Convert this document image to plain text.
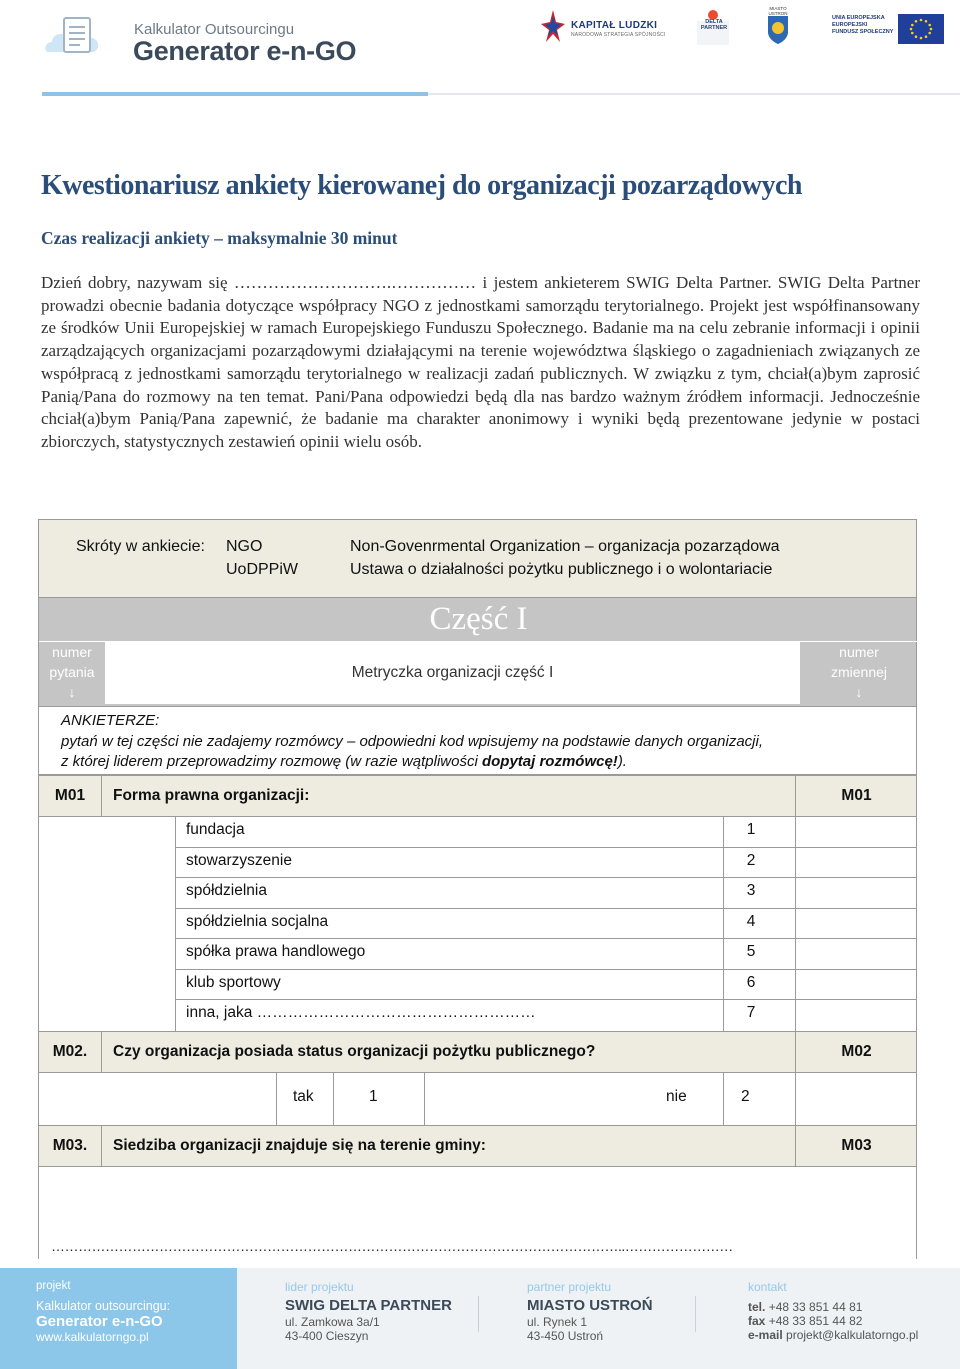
Kalkulator Outsourcingu
Generator e-n-GO
KAPITAŁ LUDZKI
NARODOWA STRATEGIA SPÓJNOŚCI
DELTA PARTNER
MIASTO USTROŃ
UNIA EUROPEJSKA EUROPEJSKI FUNDUSZ SPOŁECZNY
Kwestionariusz ankiety kierowanej do organizacji pozarządowych
Czas realizacji ankiety – maksymalnie 30 minut

Dzień dobry, nazywam się ……………………….…………… i jestem ankieterem SWIG Delta Partner. SWIG Delta Partner prowadzi obecnie badania dotyczące współpracy NGO z jednostkami samorządu terytorialnego. Projekt jest współfinansowany ze środków Unii Europejskiej w ramach Europejskiego Funduszu Społecznego. Badanie ma na celu zebranie informacji i opinii zarządzających organizacjami pozarządowymi działającymi na terenie województwa śląskiego o zagadnieniach związanych ze współpracą z jednostkami samorządu terytorialnego w realizacji zadań publicznych. W związku z tym, chciał(a)bym zaprosić Panią/Pana do rozmowy na ten temat. Pani/Pana odpowiedzi będą dla nas bardzo ważnym źródłem informacji. Jednocześnie chciał(a)bym Panią/Pana zapewnić, że badanie ma charakter anonimowy i wyniki będą prezentowane jedynie w postaci zbiorczych, statystycznych zestawień opinii wielu osób.

Skróty w ankiecie: NGO	Non-Govenrmental Organization – organizacja pozarządowa
UoDPPiW	Ustawa o działalności pożytku publicznego i o wolontariacie
Część I
numer
pytania
↓
Metryczka organizacji część I
numer
zmiennej
↓
ANKIETERZE:
pytań w tej części nie zadajemy rozmówcy – odpowiedni kod wpisujemy na podstawie danych organizacji,
z której liderem przeprowadzimy rozmowę (w razie wątpliwości dopytaj rozmówcę!).
M01	Forma prawna organizacji:	M01
fundacja	1
stowarzyszenie	2
spółdzielnia	3
spółdzielnia socjalna	4
spółka prawa handlowego	5
klub sportowy	6
inna, jaka ………………………………………………	7
M02.	Czy organizacja posiada status organizacji pożytku publicznego?	M02
tak	1	nie	2
M03.	Siedziba organizacji znajduje się na terenie gminy:	M03
………………………………………………………………………………………………………………..……………………
projekt
Kalkulator outsourcingu:
Generator e-n-GO
www.kalkulatorngo.pl
lider projektu
SWIG DELTA PARTNER
ul. Zamkowa 3a/1
43-400 Cieszyn
partner projektu
MIASTO USTROŃ
ul. Rynek 1
43-450 Ustroń
kontakt
tel. +48 33 851 44 81
fax +48 33 851 44 82
e-mail projekt@kalkulatorngo.pl
